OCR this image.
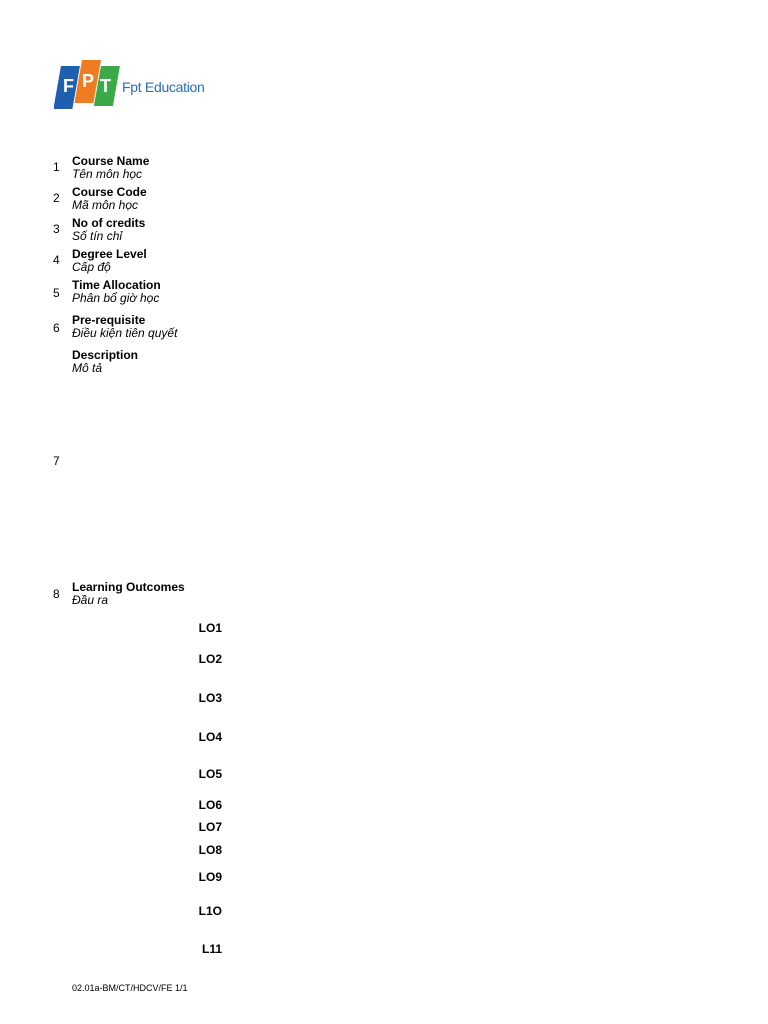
F P T Fpt Education
1 Course Name
Tên môn học
2 Course Code
Mã môn học
3 No of credits
Số tín chỉ
4 Degree Level
Cấp độ
5
Time Allocation
Phân bổ giờ học
6
Pre-requisite
Điều kiện tiên quyết
7
Description
Mô tả
8 Learning Outcomes
Đầu ra
LO1
LO2
LO3
LO4
LO5
LO6
LO7
LO8
LO9
L1O
L11
02.01a-BM/CT/HDCV/FE 1/1
